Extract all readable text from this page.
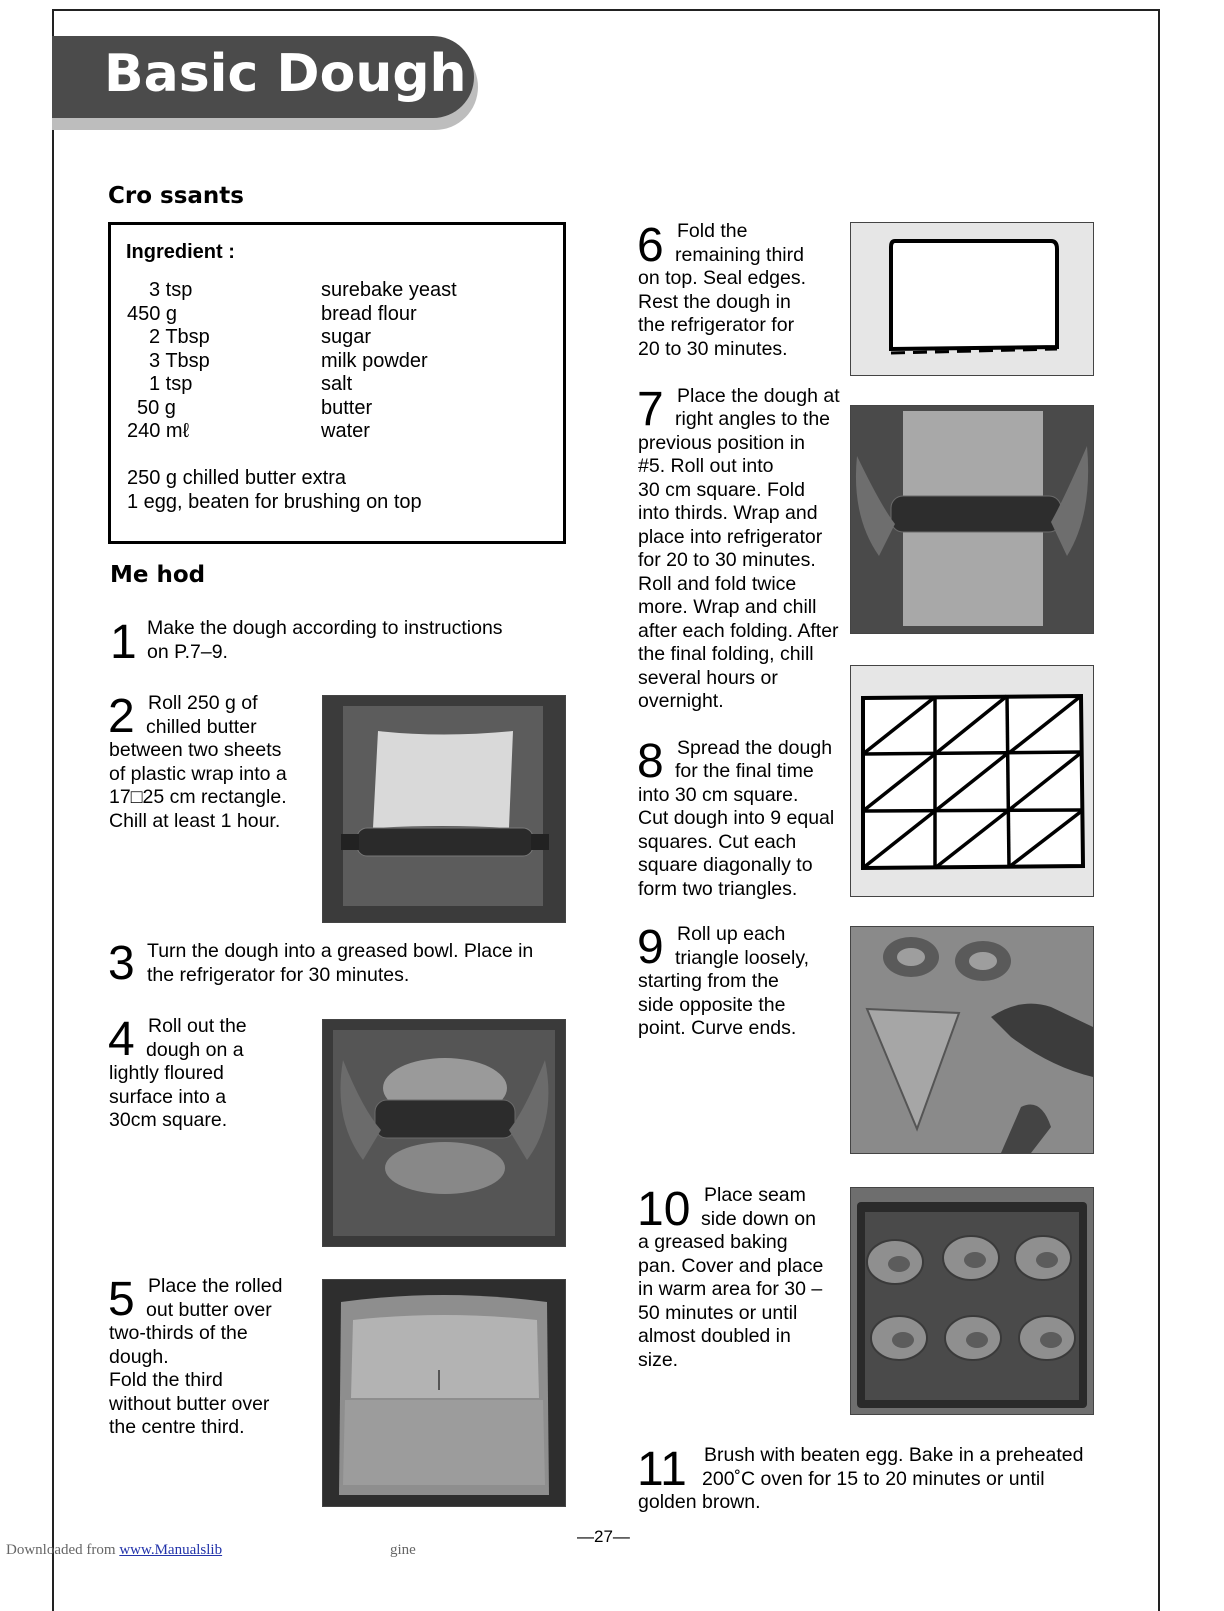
Basic Dough
Cro ssants
Ingredient :
3 tsp	surebake yeast
450 g	bread flour
2 Tbsp	sugar
3 Tbsp	milk powder
1 tsp	salt
50 g	butter
240 mℓ	water
250 g chilled butter extra
1 egg, beaten for brushing on top
Me hod
1 Make the dough according to instructions
on P.7–9.
2 Roll 250 g of
chilled butter
between two sheets
of plastic wrap into a
17□25 cm rectangle.
Chill at least 1 hour.
3 Turn the dough into a greased bowl. Place in
the refrigerator for 30 minutes.
4 Roll out the
dough on a
lightly floured
surface into a
30cm square.
5 Place the rolled
out butter over
two-thirds of the
dough.
Fold the third
without butter over
the centre third.
6 Fold the
remaining third
on top. Seal edges.
Rest the dough in
the refrigerator for
20 to 30 minutes.
7 Place the dough at
right angles to the
previous position in
#5. Roll out into
30 cm square. Fold
into thirds. Wrap and
place into refrigerator
for 20 to 30 minutes.
Roll and fold twice
more. Wrap and chill
after each folding. After
the final folding, chill
several hours or
overnight.
8 Spread the dough
for the final time
into 30 cm square.
Cut dough into 9 equal
squares. Cut each
square diagonally to
form two triangles.
9 Roll up each
triangle loosely,
starting from the
side opposite the
point. Curve ends.
10 Place seam
side down on
a greased baking
pan. Cover and place
in warm area for 30 –
50 minutes or until
almost doubled in
size.
11 Brush with beaten egg. Bake in a preheated
200˚C oven for 15 to 20 minutes or until
golden brown.
—27—
Downloaded from www.Manualslib	gine
